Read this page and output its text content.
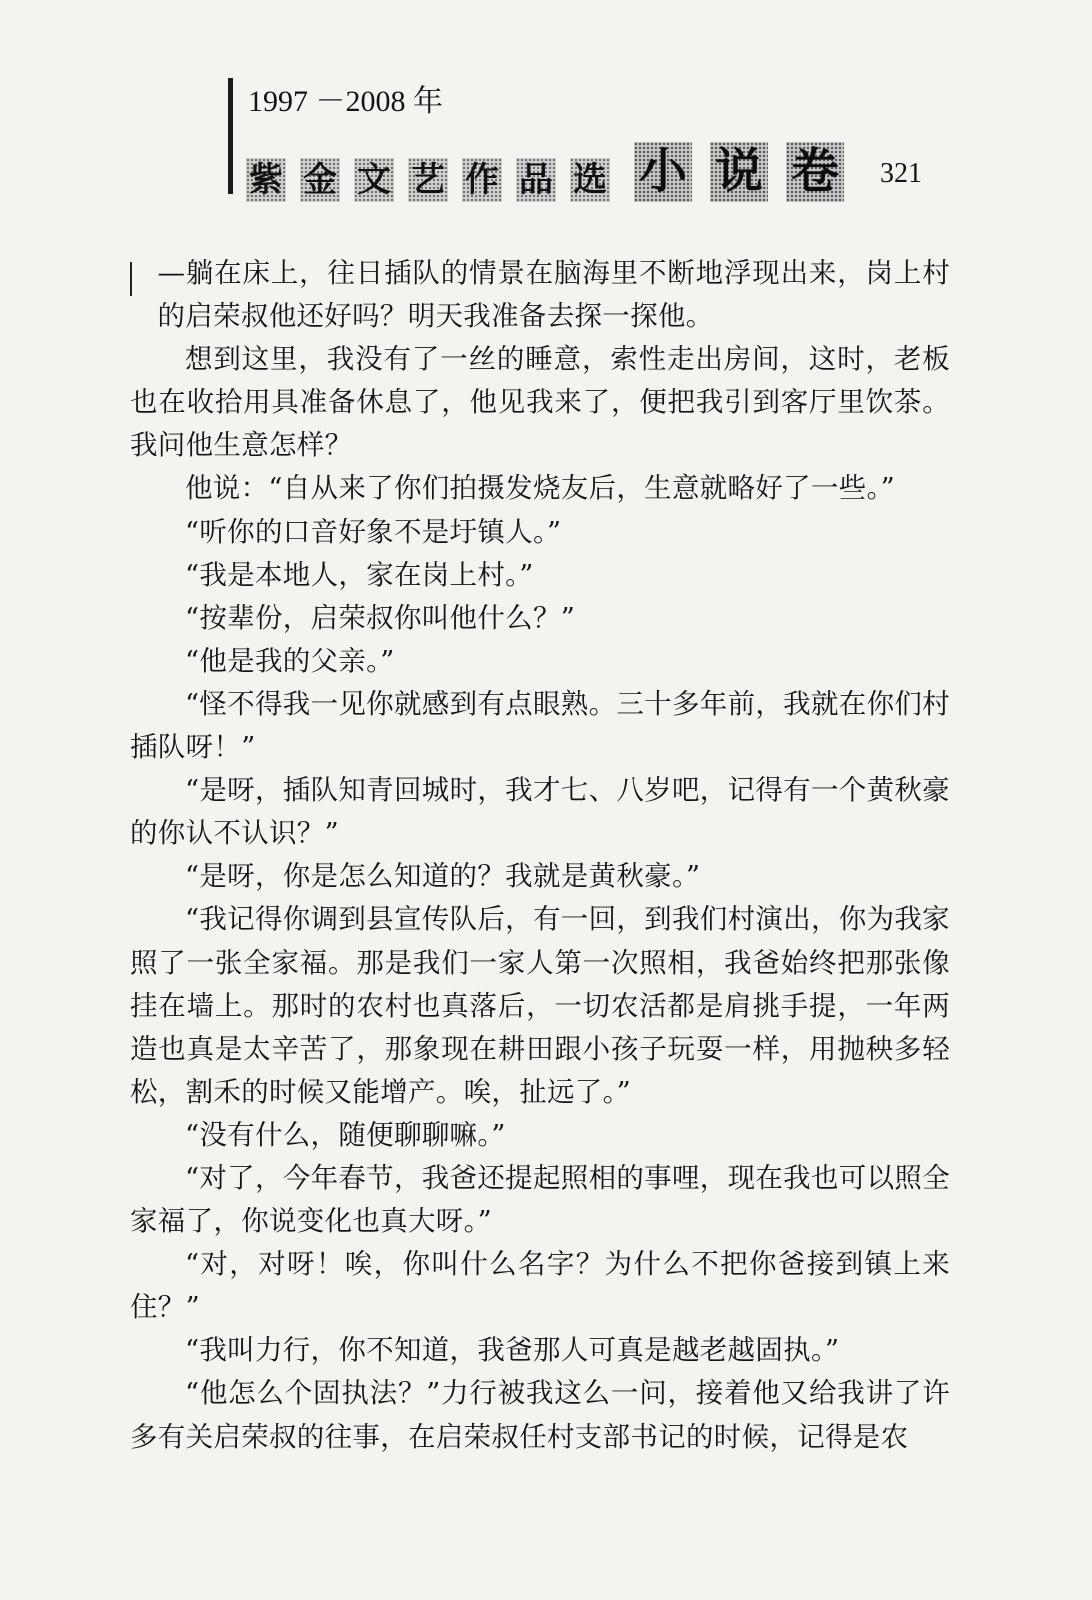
1997 －2008 年
紫 金 文 艺 作 品 选 小 说 卷 321

—躺在床上，往日插队的情景在脑海里不断地浮现出来，岗上村的启荣叔他还好吗？明天我准备去探一探他。

想到这里，我没有了一丝的睡意，索性走出房间，这时，老板也在收拾用具准备休息了，他见我来了，便把我引到客厅里饮茶。我问他生意怎样？

他说：“自从来了你们拍摄发烧友后，生意就略好了一些。”

“听你的口音好象不是圩镇人。”

“我是本地人，家在岗上村。”

“按辈份，启荣叔你叫他什么？”

“他是我的父亲。”

“怪不得我一见你就感到有点眼熟。三十多年前，我就在你们村插队呀！”

“是呀，插队知青回城时，我才七、八岁吧，记得有一个黄秋豪的你认不认识？”

“是呀，你是怎么知道的？我就是黄秋豪。”

“我记得你调到县宣传队后，有一回，到我们村演出，你为我家照了一张全家福。那是我们一家人第一次照相，我爸始终把那张像挂在墙上。那时的农村也真落后，一切农活都是肩挑手提，一年两造也真是太辛苦了，那象现在耕田跟小孩子玩耍一样，用抛秧多轻松，割禾的时候又能增产。唉，扯远了。”

“没有什么，随便聊聊嘛。”

“对了，今年春节，我爸还提起照相的事哩，现在我也可以照全家福了，你说变化也真大呀。”

“对，对呀！唉，你叫什么名字？为什么不把你爸接到镇上来住？”

“我叫力行，你不知道，我爸那人可真是越老越固执。”

“他怎么个固执法？”力行被我这么一问，接着他又给我讲了许多有关启荣叔的往事，在启荣叔任村支部书记的时候，记得是农
